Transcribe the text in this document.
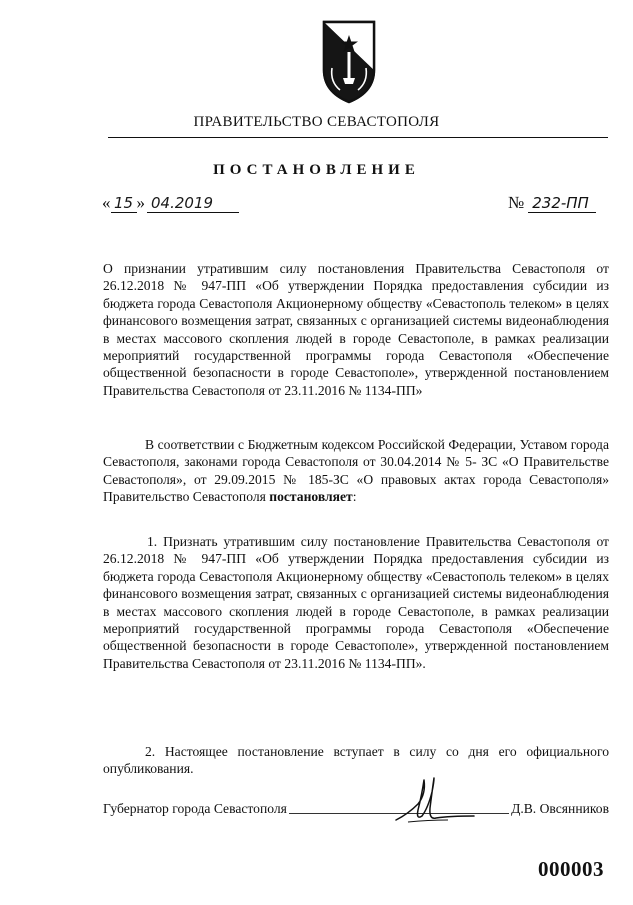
ПРАВИТЕЛЬСТВО СЕВАСТОПОЛЯ
ПОСТАНОВЛЕНИЕ
« 15 » 04.2019	№ 232-ПП

О признании утратившим силу постановления Правительства Севастополя от 26.12.2018 № 947-ПП «Об утверждении Порядка предоставления субсидии из бюджета города Севастополя Акционерному обществу «Севастополь телеком» в целях финансового возмещения затрат, связанных с организацией системы видеонаблюдения в местах массового скопления людей в городе Севастополе, в рамках реализации мероприятий государственной программы города Севастополя «Обеспечение общественной безопасности в городе Севастополе», утвержденной постановлением Правительства Севастополя от 23.11.2016 № 1134-ПП»

В соответствии с Бюджетным кодексом Российской Федерации, Уставом города Севастополя, законами города Севастополя от 30.04.2014 № 5- ЗС «О Правительстве Севастополя», от 29.09.2015 № 185-ЗС «О правовых актах города Севастополя» Правительство Севастополя постановляет:

1. Признать утратившим силу постановление Правительства Севастополя от 26.12.2018 № 947-ПП «Об утверждении Порядка предоставления субсидии из бюджета города Севастополя Акционерному обществу «Севастополь телеком» в целях финансового возмещения затрат, связанных с организацией системы видеонаблюдения в местах массового скопления людей в городе Севастополе, в рамках реализации мероприятий государственной программы города Севастополя «Обеспечение общественной безопасности в городе Севастополе», утвержденной постановлением Правительства Севастополя от 23.11.2016 № 1134-ПП».

2. Настоящее постановление вступает в силу со дня его официального опубликования.

Губернатор города Севастополя	Д.В. Овсянников
000003
